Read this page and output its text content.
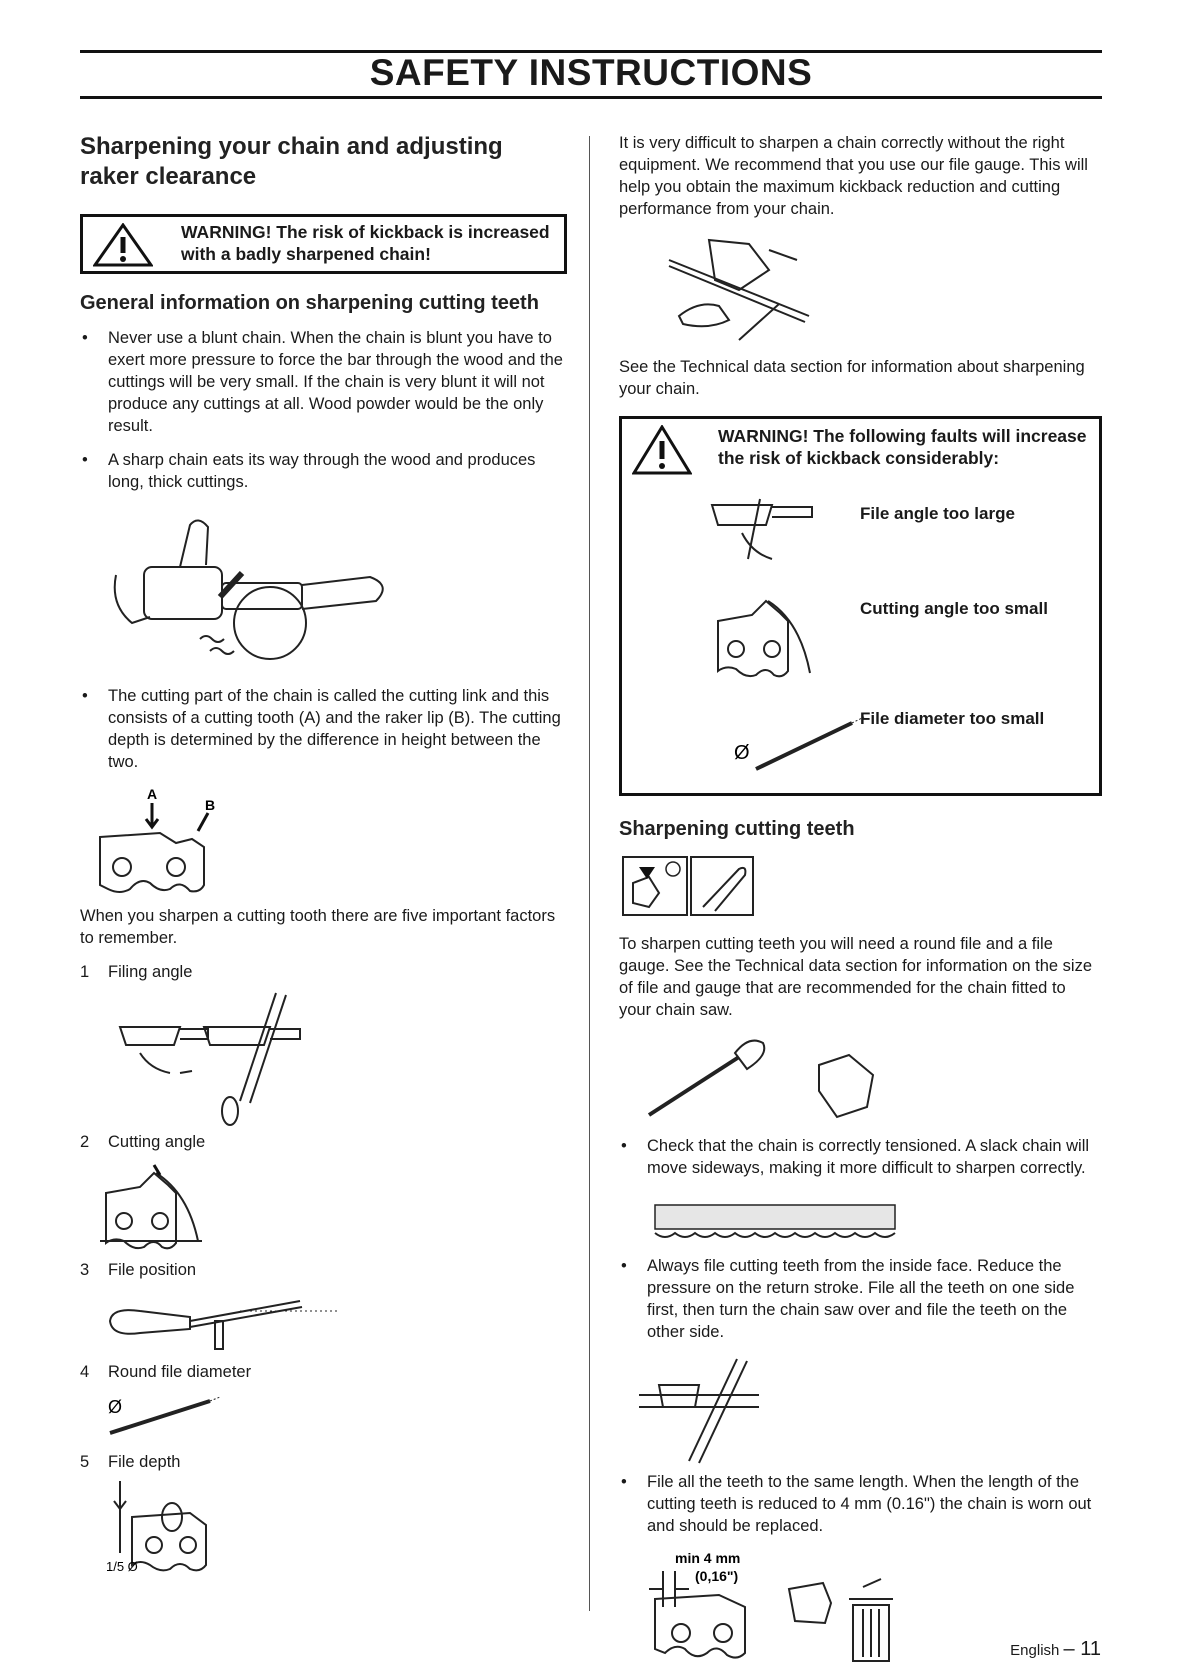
SAFETY INSTRUCTIONS
Sharpening your chain and adjusting raker clearance
WARNING! The risk of kickback is increased
with a badly sharpened chain!
General information on sharpening cutting teeth
• Never use a blunt chain. When the chain is blunt you have to exert more pressure to force the bar through the wood and the cuttings will be very small. If the chain is very blunt it will not produce any cuttings at all. Wood powder would be the only result.
• A sharp chain eats its way through the wood and produces long, thick cuttings.
• The cutting part of the chain is called the cutting link and this consists of a cutting tooth (A) and the raker lip (B). The cutting depth is determined by the difference in height between the two.
A
B

When you sharpen a cutting tooth there are five important factors to remember.

1 Filing angle
2 Cutting angle
3 File position
4 Round file diameter
Ø
5 File depth
1/5 Ø

It is very difficult to sharpen a chain correctly without the right equipment. We recommend that you use our file gauge. This will help you obtain the maximum kickback reduction and cutting performance from your chain.

See the Technical data section for information about sharpening your chain.

WARNING! The following faults will increase
the risk of kickback considerably:
File angle too large
Cutting angle too small
Ø
File diameter too small
Sharpening cutting teeth

To sharpen cutting teeth you will need a round file and a file gauge. See the Technical data section for information on the size of file and gauge that are recommended for the chain fitted to your chain saw.

• Check that the chain is correctly tensioned. A slack chain will move sideways, making it more difficult to sharpen correctly.
• Always file cutting teeth from the inside face. Reduce the pressure on the return stroke. File all the teeth on one side first, then turn the chain saw over and file the teeth on the other side.
• File all the teeth to the same length. When the length of the cutting teeth is reduced to 4 mm (0.16") the chain is worn out and should be replaced.
min 4 mm
(0,16")
English – 11
